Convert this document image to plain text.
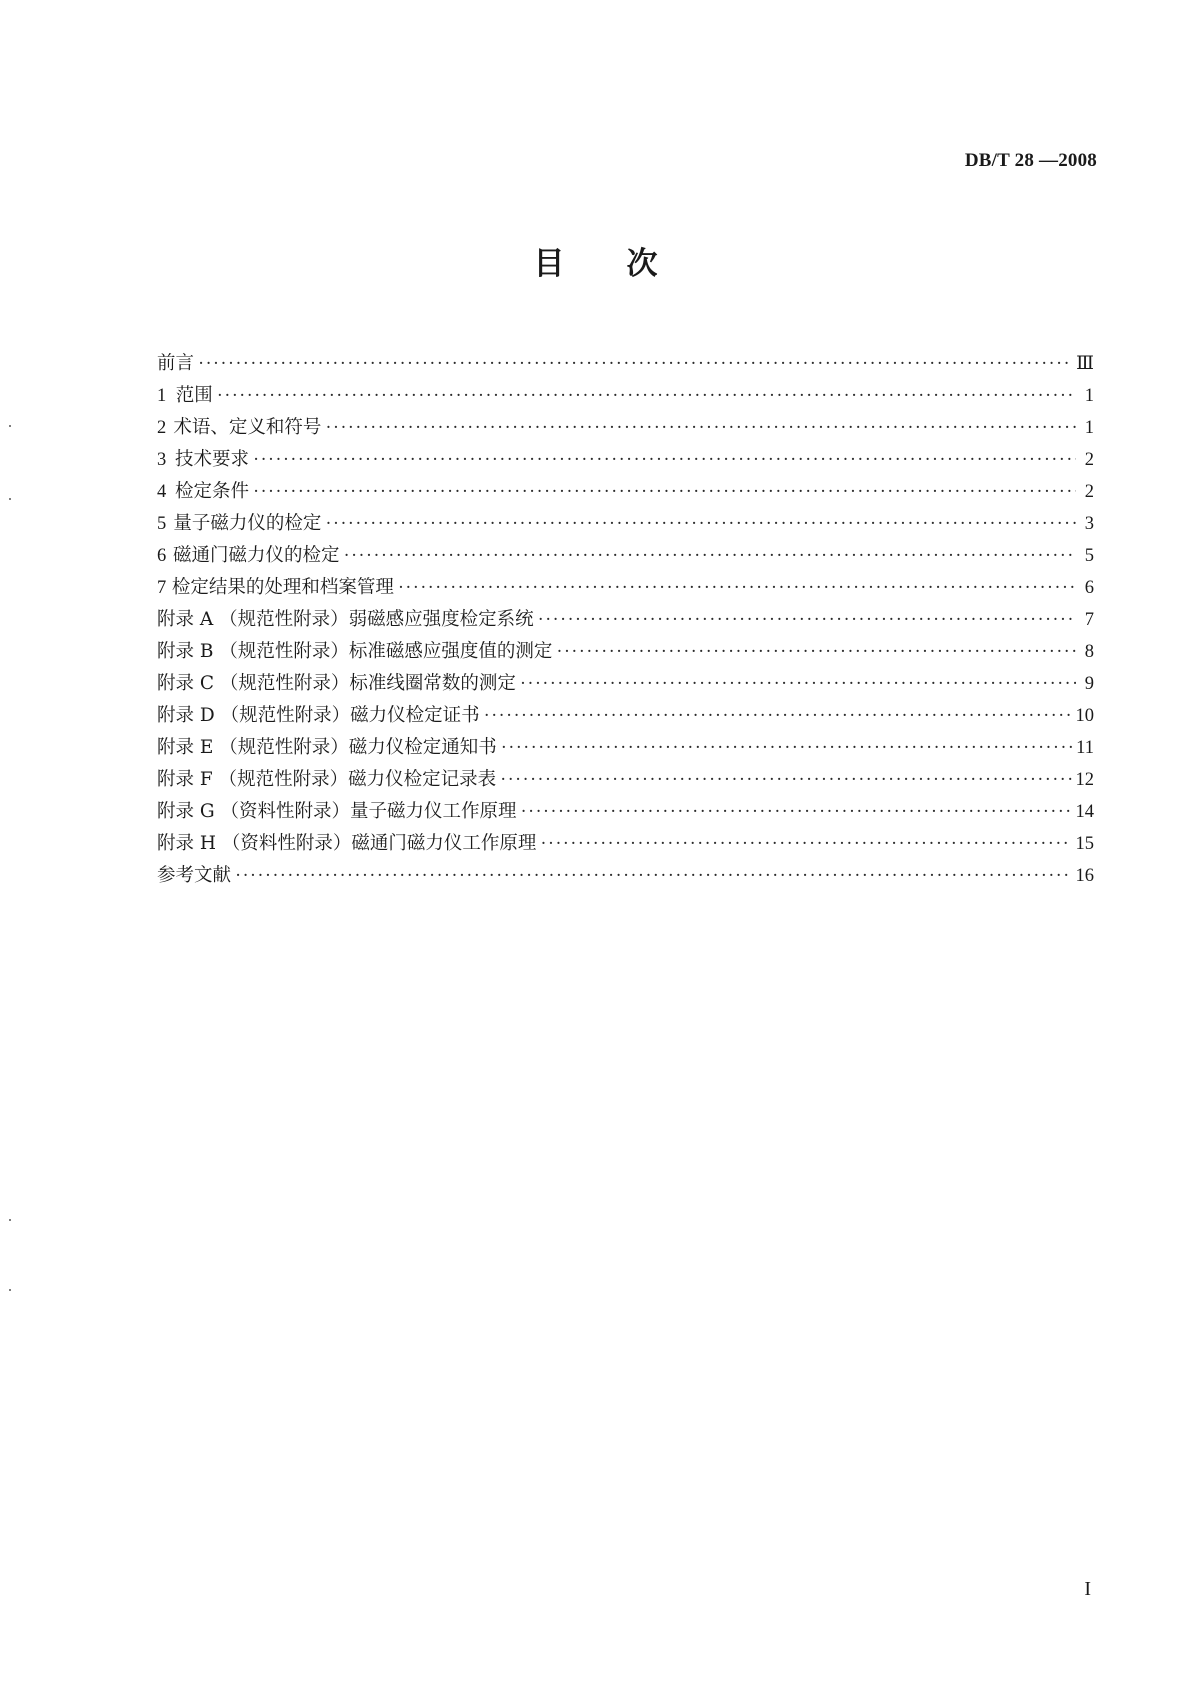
DB/T 28 —2008
目 次
前言 ·····	Ⅲ
1 范围 ·····	1
2 术语、定义和符号 ·····	1
3 技术要求 ·····	2
4 检定条件 ·····	2
5 量子磁力仪的检定 ·····	3
6 磁通门磁力仪的检定 ·····	5
7 检定结果的处理和档案管理 ·····	6
附录 A （规范性附录）弱磁感应强度检定系统 ·····	7
附录 B （规范性附录）标准磁感应强度值的测定 ·····	8
附录 C （规范性附录）标准线圈常数的测定 ·····	9
附录 D （规范性附录）磁力仪检定证书 ·····	10
附录 E （规范性附录）磁力仪检定通知书 ·····	11
附录 F （规范性附录）磁力仪检定记录表 ·····	12
附录 G （资料性附录）量子磁力仪工作原理 ·····	14
附录 H （资料性附录）磁通门磁力仪工作原理 ·····	15
参考文献 ·····	16
I
